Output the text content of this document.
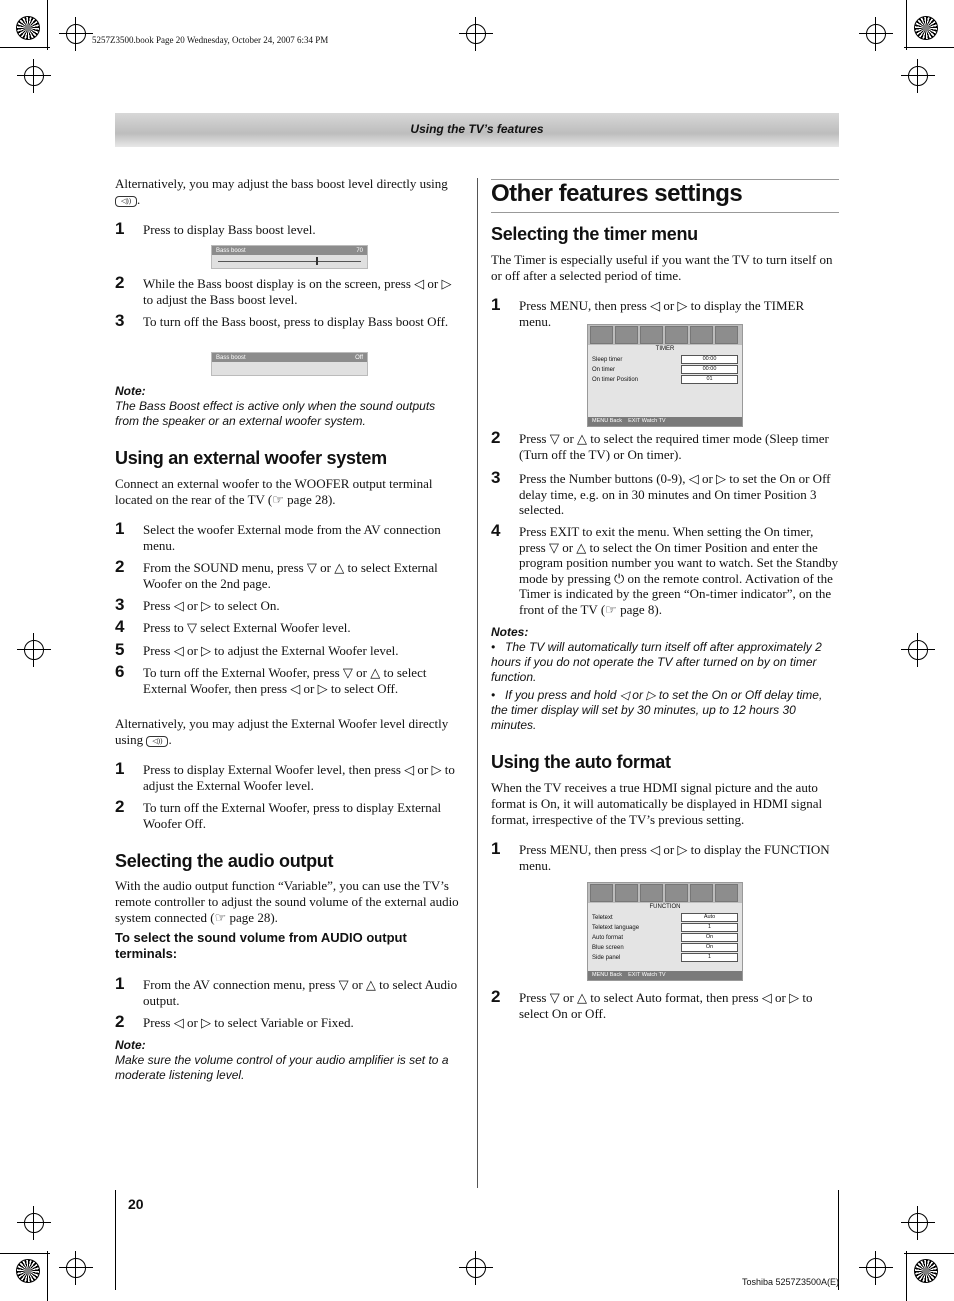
5257Z3500.book Page 20 Wednesday, October 24, 2007 6:34 PM
Using the TV’s features
Alternatively, you may adjust the bass boost level directly using ◁)) .
1 Press to display Bass boost level.
Bass boost	70
2 While the Bass boost display is on the screen, press ◁ or ▷ to adjust the Bass boost level.
3 To turn off the Bass boost, press to display Bass boost Off.
Bass boost	Off
Note:
The Bass Boost effect is active only when the sound outputs from the speaker or an external woofer system.
Using an external woofer system
Connect an external woofer to the WOOFER output terminal located on the rear of the TV (☞ page 28).
1 Select the woofer External mode from the AV connection menu.
2 From the SOUND menu, press ▽ or △ to select External Woofer on the 2nd page.
3 Press ◁ or ▷ to select On.
4 Press to ▽ select External Woofer level.
5 Press ◁ or ▷ to adjust the External Woofer level.
6 To turn off the External Woofer, press ▽ or △ to select External Woofer, then press ◁ or ▷ to select Off.
Alternatively, you may adjust the External Woofer level directly using ◁)) .
1 Press to display External Woofer level, then press ◁ or ▷ to adjust the External Woofer level.
2 To turn off the External Woofer, press to display External Woofer Off.
Selecting the audio output
With the audio output function “Variable”, you can use the TV’s remote controller to adjust the sound volume of the external audio system connected (☞ page 28).
To select the sound volume from AUDIO output terminals:
1 From the AV connection menu, press ▽ or △ to select Audio output.
2 Press ◁ or ▷ to select Variable or Fixed.
Note:
Make sure the volume control of your audio amplifier is set to a moderate listening level.
Other features settings
Selecting the timer menu
The Timer is especially useful if you want the TV to turn itself on or off after a selected period of time.
1 Press MENU, then press ◁ or ▷ to display the TIMER menu.
TIMER
Sleep timer	00:00
On timer	00:00
On timer Position	01
MENU Back EXIT Watch TV
2 Press ▽ or △ to select the required timer mode (Sleep timer (Turn off the TV) or On timer).
3 Press the Number buttons (0-9), ◁ or ▷ to set the On or Off delay time, e.g. on in 30 minutes and On timer Position 3 selected.
4 Press EXIT to exit the menu. When setting the On timer, press ▽ or △ to select the On timer Position and enter the program position number you want to watch. Set the Standby mode by pressing ⏻ on the remote control. Activation of the Timer is indicated by the green “On-timer indicator”, on the front of the TV (☞ page 8).
Notes:
• The TV will automatically turn itself off after approximately 2 hours if you do not operate the TV after turned on by on timer function.
• If you press and hold ◁ or ▷ to set the On or Off delay time, the timer display will set by 30 minutes, up to 12 hours 30 minutes.
Using the auto format
When the TV receives a true HDMI signal picture and the auto format is On, it will automatically be displayed in HDMI signal format, irrespective of the TV’s previous setting.
1 Press MENU, then press ◁ or ▷ to display the FUNCTION menu.
FUNCTION
Teletext	Auto
Teletext language	1
Auto format	On
Blue screen	On
Side panel	1
MENU Back EXIT Watch TV
2 Press ▽ or △ to select Auto format, then press ◁ or ▷ to select On or Off.
20
Toshiba 5257Z3500A(E)
